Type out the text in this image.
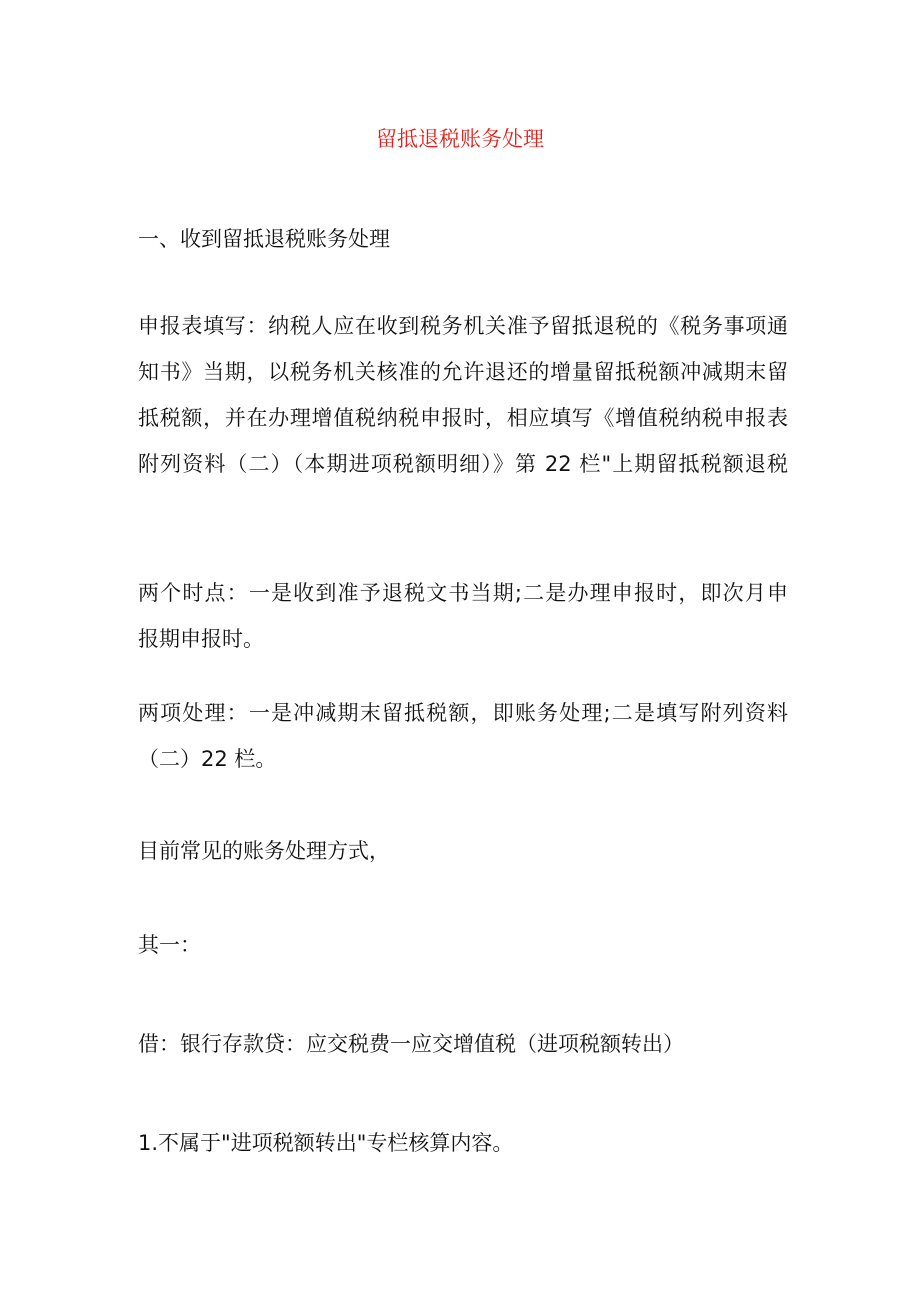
留抵退税账务处理

一、收到留抵退税账务处理

申报表填写：纳税人应在收到税务机关准予留抵退税的《税务事项通
知书》当期，以税务机关核准的允许退还的增量留抵税额冲减期末留
抵税额，并在办理增值税纳税申报时，相应填写《增值税纳税申报表
附列资料（二）（本期进项税额明细）》第 22 栏"上期留抵税额退税
两个时点：一是收到准予退税文书当期;二是办理申报时，即次月申
报期申报时。
两项处理：一是冲减期末留抵税额，即账务处理;二是填写附列资料
（二）22 栏。

目前常见的账务处理方式，

其一：

借：银行存款贷：应交税费一应交增值税（进项税额转出）

1.不属于"进项税额转出"专栏核算内容。
